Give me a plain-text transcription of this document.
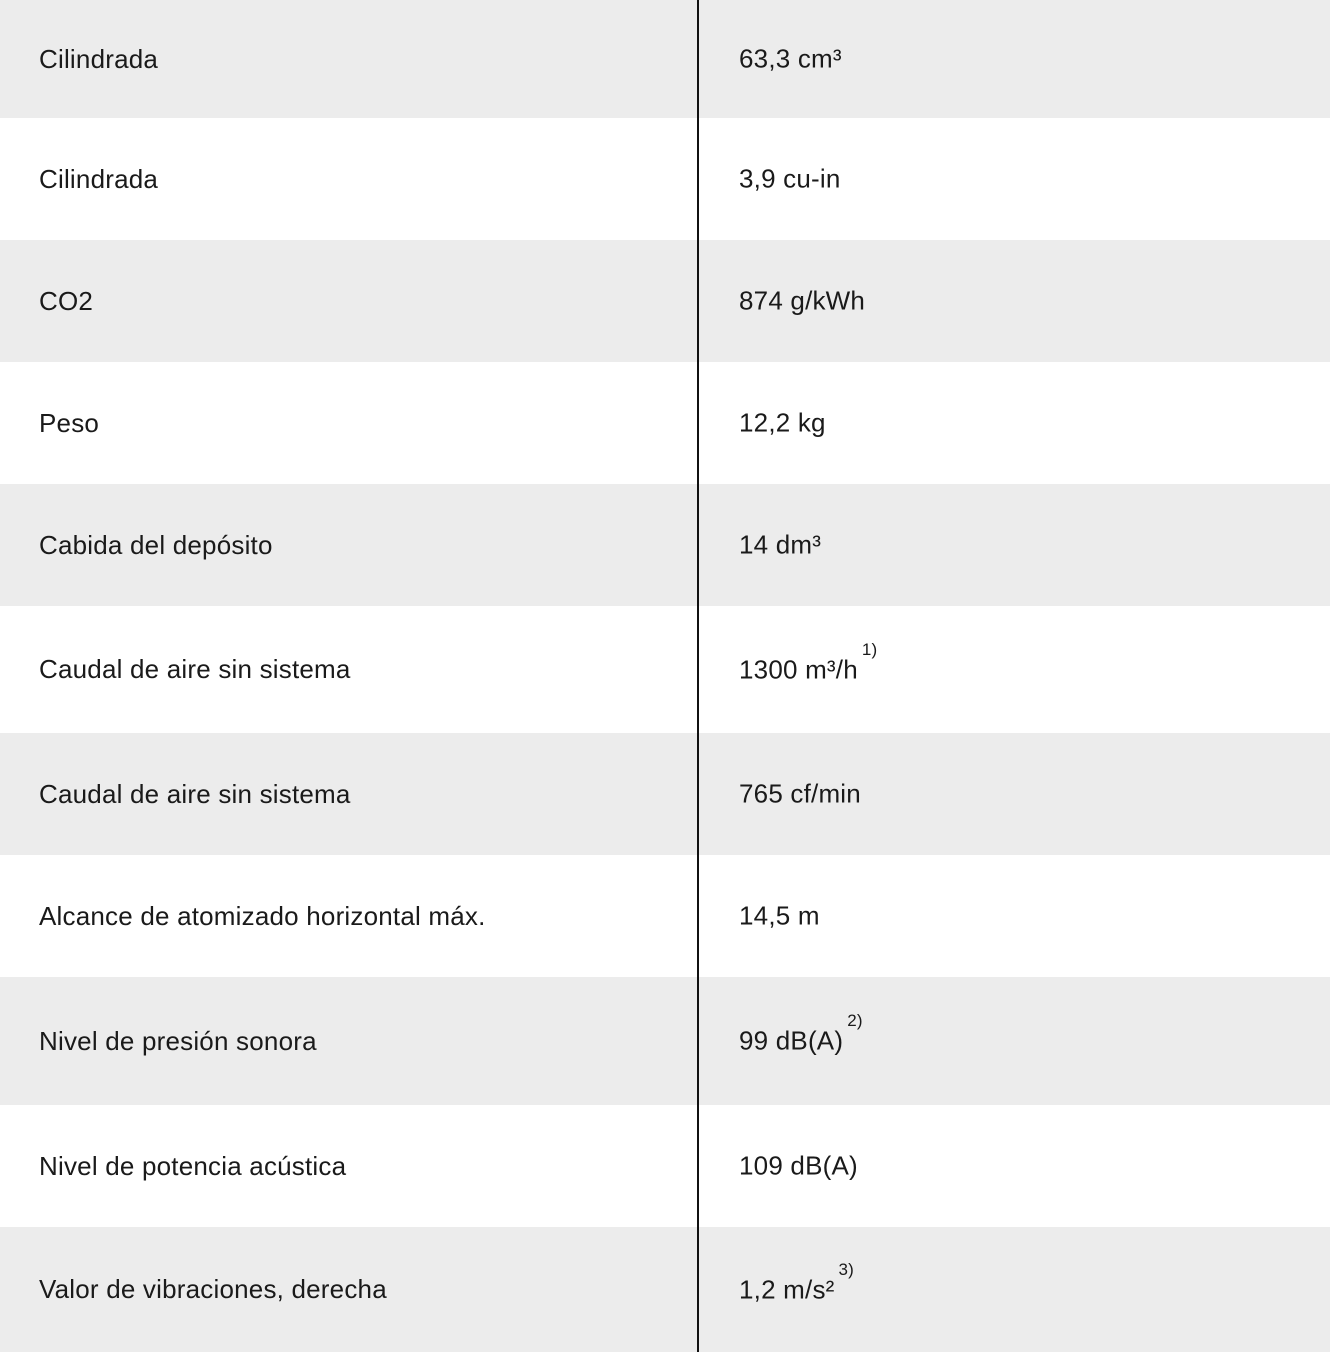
Cilindrada	63,3 cm³
Cilindrada	3,9 cu-in
CO2	874 g/kWh
Peso	12,2 kg
Cabida del depósito	14 dm³
Caudal de aire sin sistema	1300 m³/h$^{1)}$
Caudal de aire sin sistema	765 cf/min
Alcance de atomizado horizontal máx.	14,5 m
Nivel de presión sonora	99 dB(A)$^{2)}$
Nivel de potencia acústica	109 dB(A)
Valor de vibraciones, derecha	1,2 m/s²$^{3)}$
